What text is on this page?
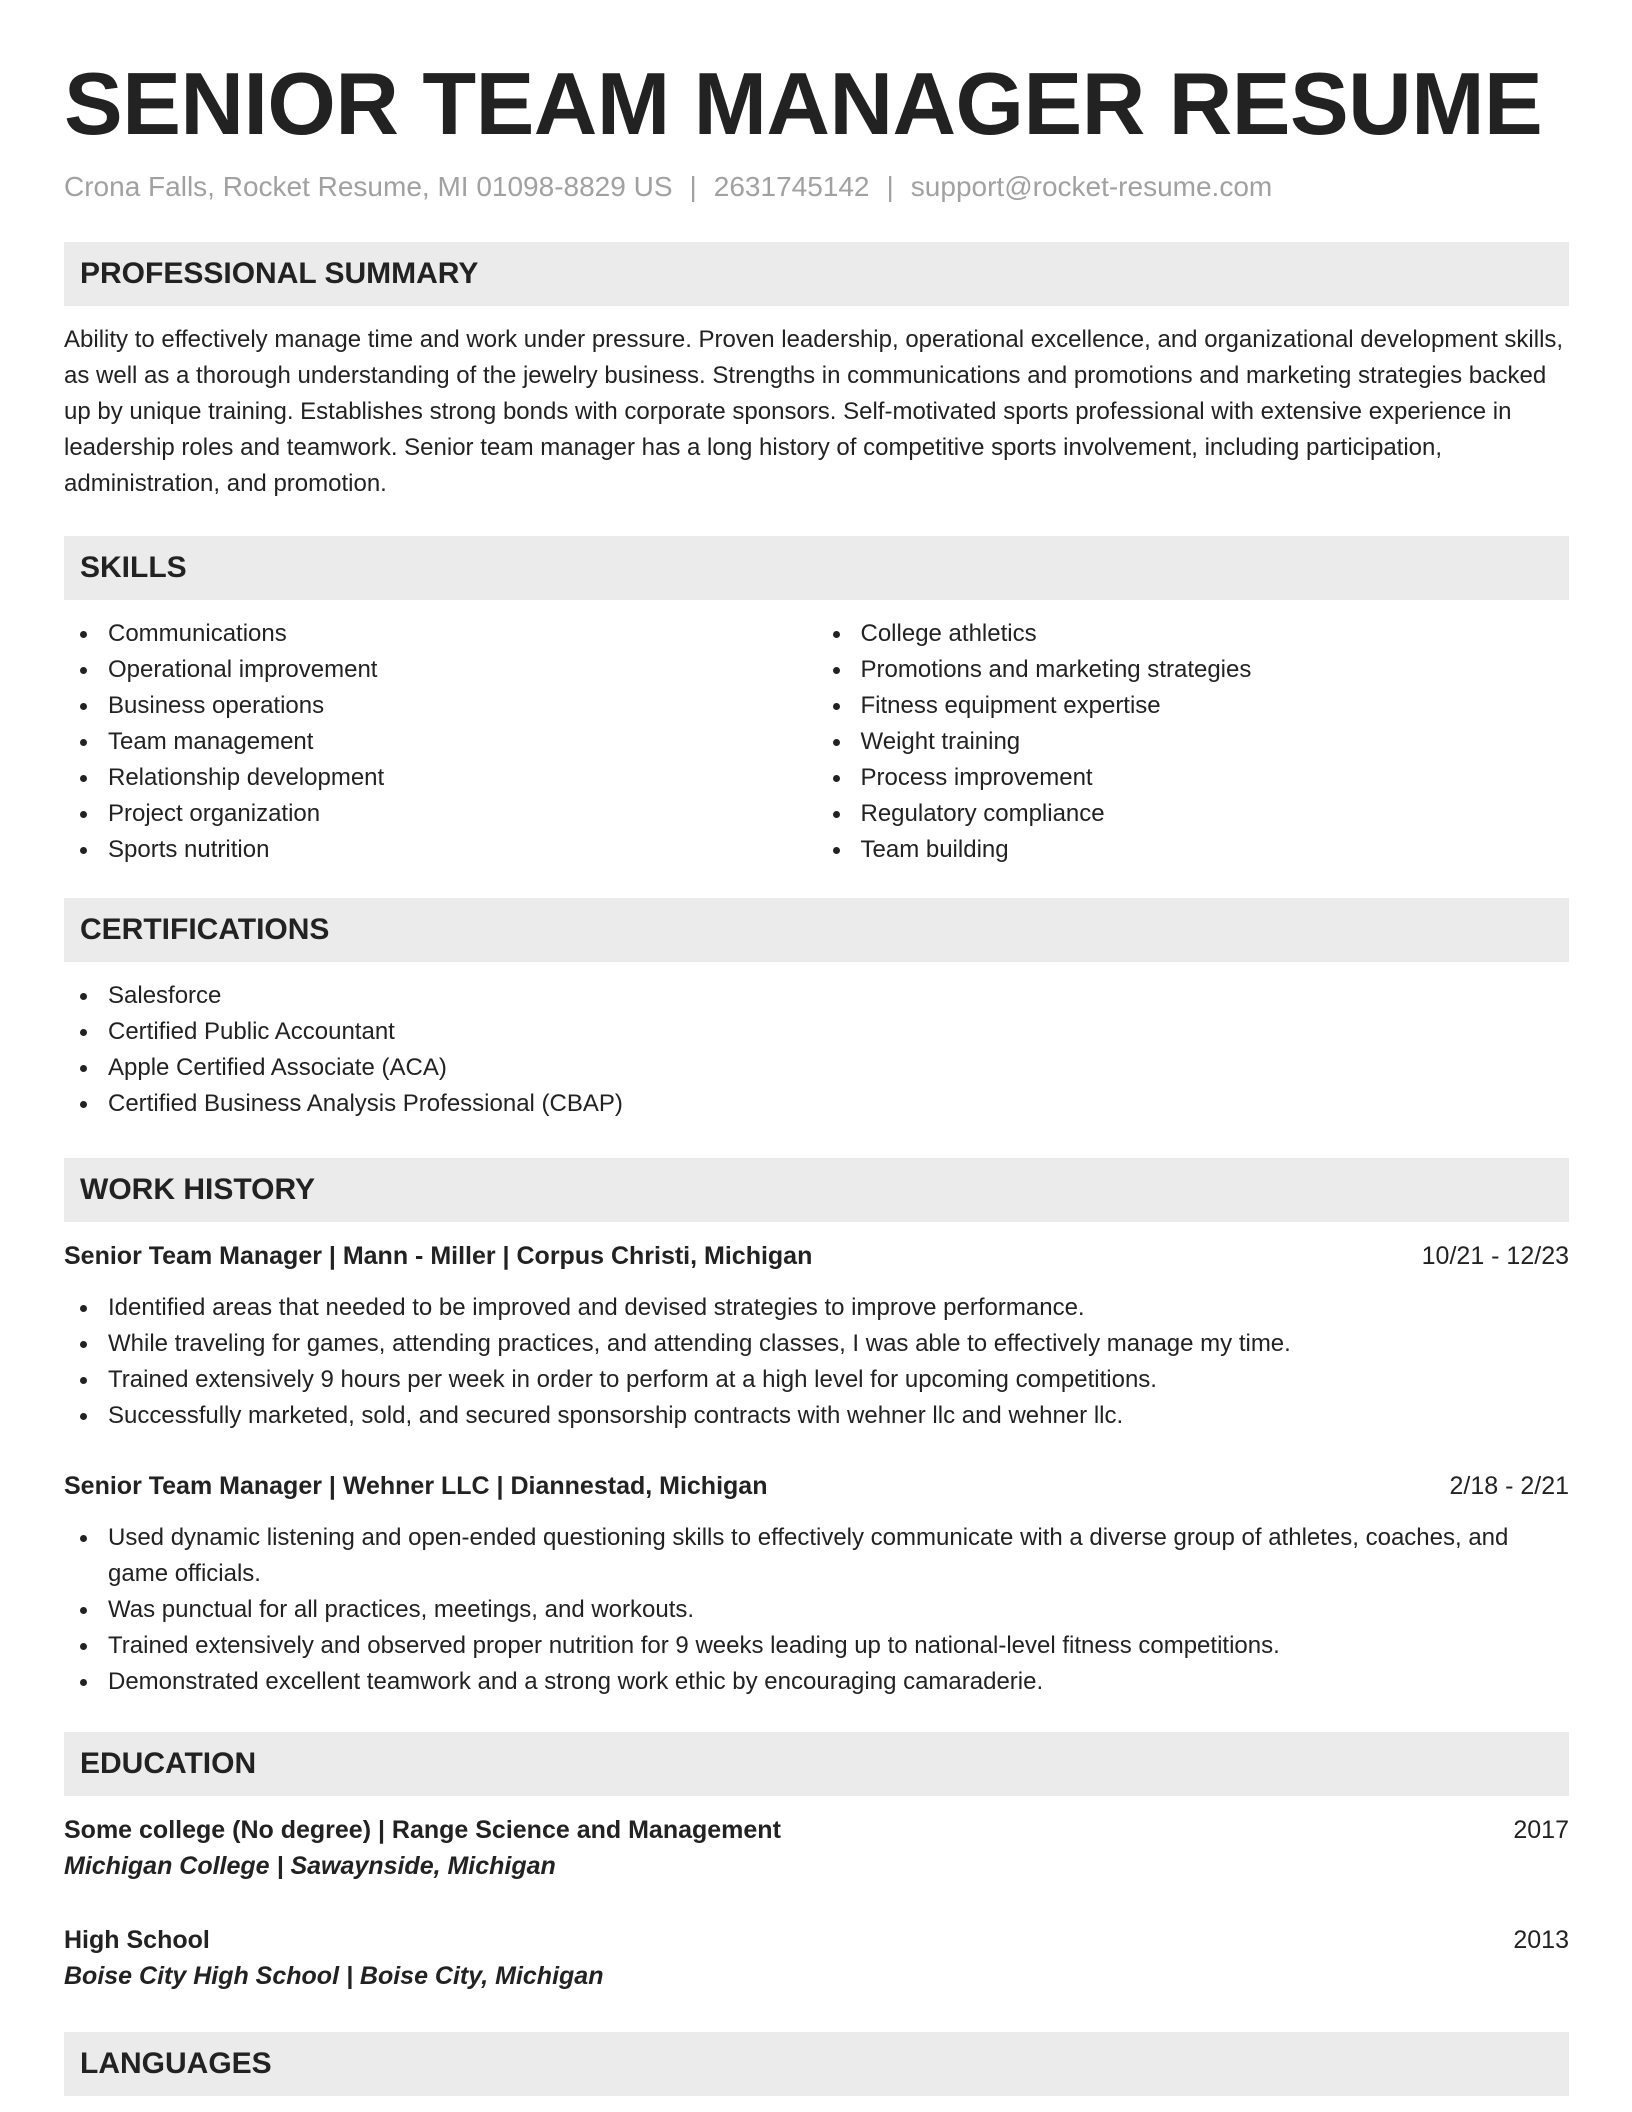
SENIOR TEAM MANAGER RESUME
Crona Falls, Rocket Resume, MI 01098-8829 US | 2631745142 | support@rocket-resume.com
PROFESSIONAL SUMMARY

Ability to effectively manage time and work under pressure. Proven leadership, operational excellence, and organizational development skills, as well as a thorough understanding of the jewelry business. Strengths in communications and promotions and marketing strategies backed up by unique training. Establishes strong bonds with corporate sponsors. Self-motivated sports professional with extensive experience in leadership roles and teamwork. Senior team manager has a long history of competitive sports involvement, including participation, administration, and promotion.

SKILLS
Communications
Operational improvement
Business operations
Team management
Relationship development
Project organization
Sports nutrition
College athletics
Promotions and marketing strategies
Fitness equipment expertise
Weight training
Process improvement
Regulatory compliance
Team building
CERTIFICATIONS
Salesforce
Certified Public Accountant
Apple Certified Associate (ACA)
Certified Business Analysis Professional (CBAP)
WORK HISTORY
Senior Team Manager | Mann - Miller | Corpus Christi, Michigan	10/21 - 12/23
Identified areas that needed to be improved and devised strategies to improve performance.
While traveling for games, attending practices, and attending classes, I was able to effectively manage my time.
Trained extensively 9 hours per week in order to perform at a high level for upcoming competitions.
Successfully marketed, sold, and secured sponsorship contracts with wehner llc and wehner llc.
Senior Team Manager | Wehner LLC | Diannestad, Michigan	2/18 - 2/21
Used dynamic listening and open-ended questioning skills to effectively communicate with a diverse group of athletes, coaches, and game officials.
Was punctual for all practices, meetings, and workouts.
Trained extensively and observed proper nutrition for 9 weeks leading up to national-level fitness competitions.
Demonstrated excellent teamwork and a strong work ethic by encouraging camaraderie.
EDUCATION
Some college (No degree) | Range Science and Management	2017
Michigan College | Sawaynside, Michigan
High School	2013
Boise City High School | Boise City, Michigan
LANGUAGES
